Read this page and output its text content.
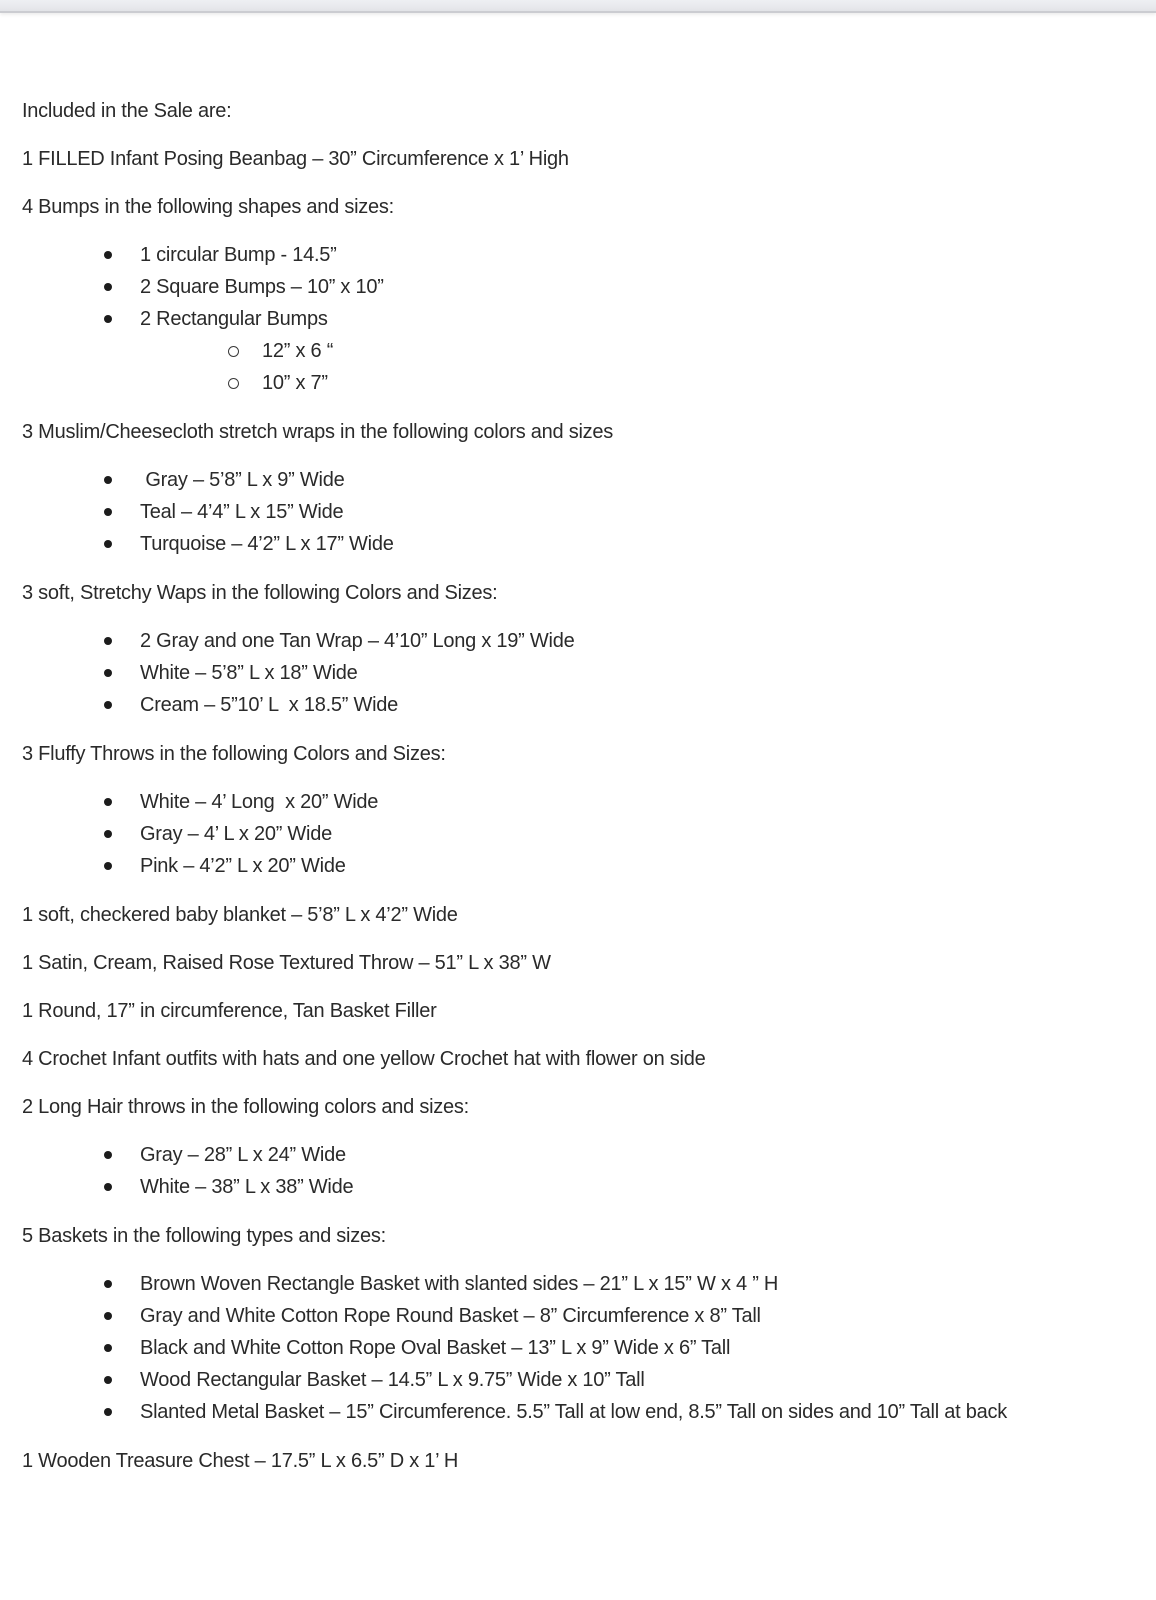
Included in the Sale are:

1 FILLED Infant Posing Beanbag – 30” Circumference x 1’ High

4 Bumps in the following shapes and sizes:

1 circular Bump - 14.5”
2 Square Bumps – 10” x 10”
2 Rectangular Bumps
12” x 6 “
10” x 7”

3 Muslim/Cheesecloth stretch wraps in the following colors and sizes

Gray – 5’8” L x 9” Wide
Teal – 4’4” L x 15” Wide
Turquoise – 4’2” L x 17” Wide

3 soft, Stretchy Waps in the following Colors and Sizes:

2 Gray and one Tan Wrap – 4’10” Long x 19” Wide
White – 5’8” L x 18” Wide
Cream – 5”10’ L  x 18.5” Wide

3 Fluffy Throws in the following Colors and Sizes:

White – 4’ Long  x 20” Wide
Gray – 4’ L x 20” Wide
Pink – 4’2” L x 20” Wide

1 soft, checkered baby blanket – 5’8” L x 4’2” Wide

1 Satin, Cream, Raised Rose Textured Throw – 51” L x 38” W

1 Round, 17” in circumference, Tan Basket Filler

4 Crochet Infant outfits with hats and one yellow Crochet hat with flower on side

2 Long Hair throws in the following colors and sizes:

Gray – 28” L x 24” Wide
White – 38” L x 38” Wide

5 Baskets in the following types and sizes:

Brown Woven Rectangle Basket with slanted sides – 21” L x 15” W x 4 ” H
Gray and White Cotton Rope Round Basket – 8” Circumference x 8” Tall
Black and White Cotton Rope Oval Basket – 13” L x 9” Wide x 6” Tall
Wood Rectangular Basket – 14.5” L x 9.75” Wide x 10” Tall
Slanted Metal Basket – 15” Circumference. 5.5” Tall at low end, 8.5” Tall on sides and 10” Tall at back

1 Wooden Treasure Chest – 17.5” L x 6.5” D x 1’ H
